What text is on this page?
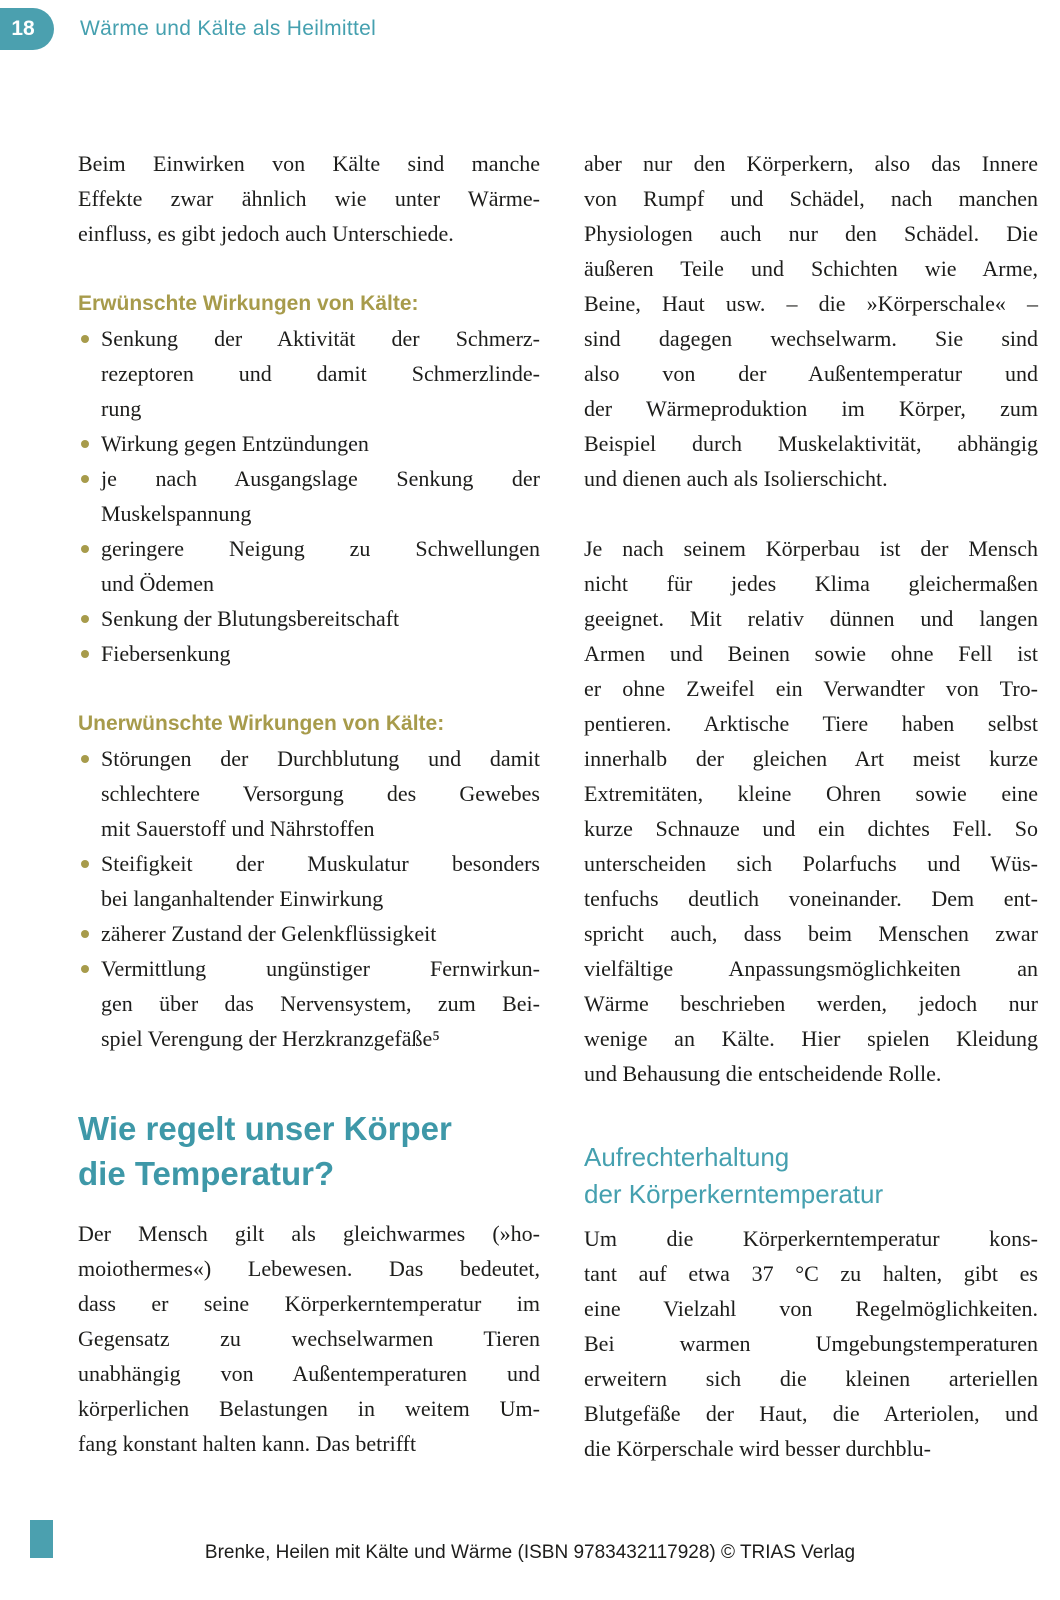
18 Wärme und Kälte als Heilmittel
Beim Einwirken von Kälte sind manche
Effekte zwar ähnlich wie unter Wärme-
einfluss, es gibt jedoch auch Unterschiede.
Erwünschte Wirkungen von Kälte:
Senkung der Aktivität der Schmerz-
rezeptoren und damit Schmerzlinde-
rung
Wirkung gegen Entzündungen
je nach Ausgangslage Senkung der
Muskelspannung
geringere Neigung zu Schwellungen
und Ödemen
Senkung der Blutungsbereitschaft
Fiebersenkung
Unerwünschte Wirkungen von Kälte:
Störungen der Durchblutung und damit
schlechtere Versorgung des Gewebes
mit Sauerstoff und Nährstoffen
Steifigkeit der Muskulatur besonders
bei langanhaltender Einwirkung
zäherer Zustand der Gelenkflüssigkeit
Vermittlung ungünstiger Fernwirkun-
gen über das Nervensystem, zum Bei-
spiel Verengung der Herzkranzgefäße⁵
Wie regelt unser Körper
die Temperatur?
Der Mensch gilt als gleichwarmes (»ho-
moiothermes«) Lebewesen. Das bedeutet,
dass er seine Körperkerntemperatur im
Gegensatz zu wechselwarmen Tieren
unabhängig von Außentemperaturen und
körperlichen Belastungen in weitem Um-
fang konstant halten kann. Das betrifft
aber nur den Körperkern, also das Innere
von Rumpf und Schädel, nach manchen
Physiologen auch nur den Schädel. Die
äußeren Teile und Schichten wie Arme,
Beine, Haut usw. – die »Körperschale« –
sind dagegen wechselwarm. Sie sind
also von der Außentemperatur und
der Wärmeproduktion im Körper, zum
Beispiel durch Muskelaktivität, abhängig
und dienen auch als Isolierschicht.
Je nach seinem Körperbau ist der Mensch
nicht für jedes Klima gleichermaßen
geeignet. Mit relativ dünnen und langen
Armen und Beinen sowie ohne Fell ist
er ohne Zweifel ein Verwandter von Tro-
pentieren. Arktische Tiere haben selbst
innerhalb der gleichen Art meist kurze
Extremitäten, kleine Ohren sowie eine
kurze Schnauze und ein dichtes Fell. So
unterscheiden sich Polarfuchs und Wüs-
tenfuchs deutlich voneinander. Dem ent-
spricht auch, dass beim Menschen zwar
vielfältige Anpassungsmöglichkeiten an
Wärme beschrieben werden, jedoch nur
wenige an Kälte. Hier spielen Kleidung
und Behausung die entscheidende Rolle.
Aufrechterhaltung
der Körperkerntemperatur
Um die Körperkerntemperatur kons-
tant auf etwa 37 °C zu halten, gibt es
eine Vielzahl von Regelmöglichkeiten.
Bei warmen Umgebungstemperaturen
erweitern sich die kleinen arteriellen
Blutgefäße der Haut, die Arteriolen, und
die Körperschale wird besser durchblu-
Brenke, Heilen mit Kälte und Wärme (ISBN 9783432117928) © TRIAS Verlag
